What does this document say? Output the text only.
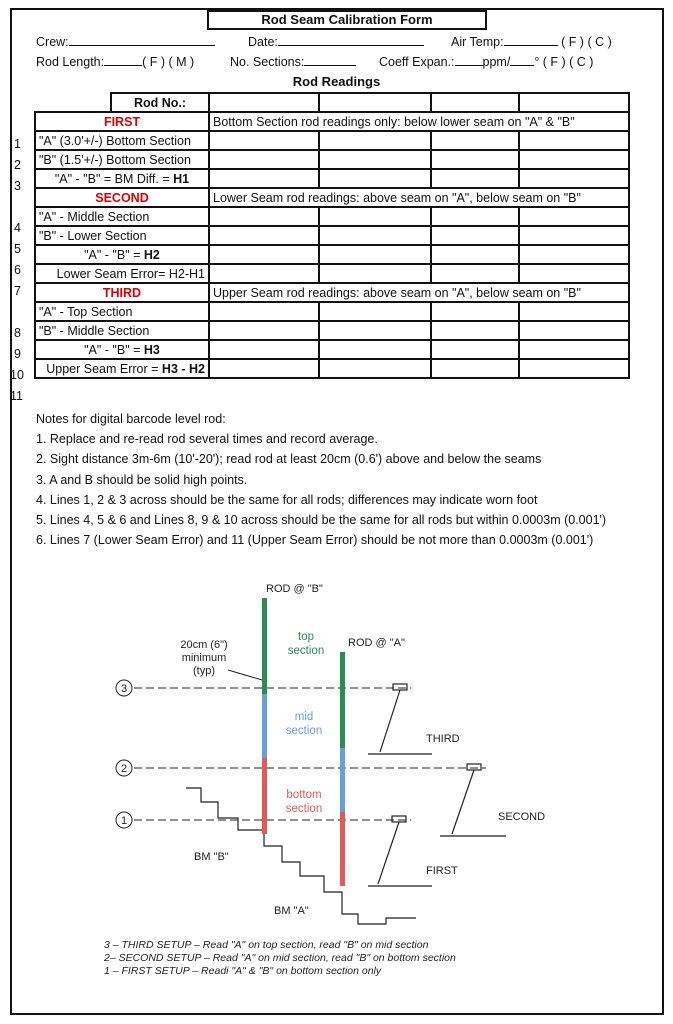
Rod Seam Calibration Form
Crew:	Date:	Air Temp:	( F ) ( C )
Rod Length:	( F ) ( M )	No. Sections:	Coeff Expan.: ppm/ ° ( F ) ( C )
Rod Readings
1
2
3
4
5
6
7
8
9
10
11
	Rod No.:				
FIRST		Bottom Section rod readings only: below lower seam on "A" & "B"			
"A" (3.0'+/-) Bottom Section					
"B" (1.5'+/-) Bottom Section					
"A" - "B" = BM Diff. = H1					
SECOND		Lower Seam rod readings: above seam on "A", below seam on "B"			
"A" - Middle Section					
"B" - Lower Section					
"A" - "B" = H2					
Lower Seam Error= H2-H1					
THIRD		Upper Seam rod readings: above seam on "A", below seam on "B"			
"A" - Top Section					
"B" - Middle Section					
"A" - "B" = H3					
Upper Seam Error = H3 - H2					
Notes for digital barcode level rod:
1. Replace and re-read rod several times and record average.
2. Sight distance 3m-6m (10'-20'); read rod at least 20cm (0.6') above and below the seams
3. A and B should be solid high points.
4. Lines 1, 2 & 3 across should be the same for all rods; differences may indicate worn foot
5. Lines 4, 5 & 6 and Lines 8, 9 & 10 across should be the same for all rods but within 0.0003m (0.001')
6. Lines 7 (Lower Seam Error) and 11 (Upper Seam Error) should be not more than 0.0003m (0.001')
3
2
1
ROD @ "B"
ROD @ "A"
top
section
mid
section
bottom
section
20cm (6")
minimum
(typ)
THIRD
SECOND
FIRST
BM "B"
BM "A"
3 – THIRD SETUP – Read "A" on top section, read "B" on mid section
2– SECOND SETUP – Read "A" on mid section, read "B" on bottom section
1 – FIRST SETUP – Readi "A" & "B" on bottom section only
